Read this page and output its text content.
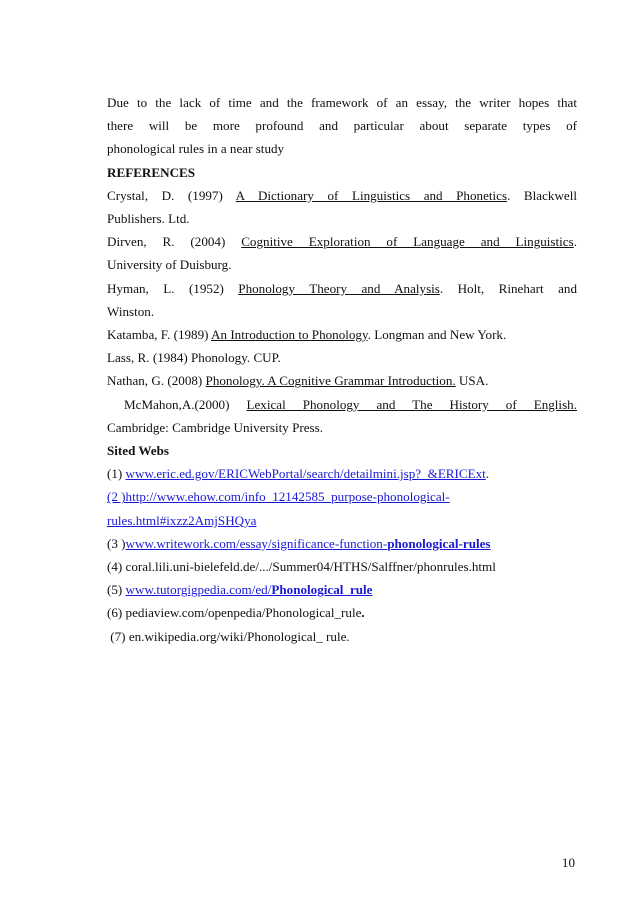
Due to the lack of time and the framework of an essay, the writer hopes that
there will be more profound and particular about separate types of
phonological rules in a near study
REFERENCES
Crystal, D. (1997) A Dictionary of Linguistics and Phonetics. Blackwell
Publishers. Ltd.
Dirven, R. (2004) Cognitive Exploration of Language and Linguistics.
University of Duisburg.
Hyman, L. (1952) Phonology Theory and Analysis. Holt, Rinehart and
Winston.
Katamba, F. (1989) An Introduction to Phonology. Longman and New York.
Lass, R. (1984) Phonology. CUP.
Nathan, G. (2008) Phonology. A Cognitive Grammar Introduction. USA.
McMahon,A.(2000) Lexical Phonology and The History of English.
Cambridge: Cambridge University Press.
Sited Webs
(1) www.eric.ed.gov/ERICWebPortal/search/detailmini.jsp?_&ERICExt.
(2 )http://www.ehow.com/info_12142585_purpose-phonological-
rules.html#ixzz2AmjSHQya
(3 )www.writework.com/essay/significance-function-phonological-rules
(4) coral.lili.uni-bielefeld.de/.../Summer04/HTHS/Salffner/phonrules.html
(5) www.tutorgigpedia.com/ed/Phonological_rule
(6) pediaview.com/openpedia/Phonological_rule.
(7) en.wikipedia.org/wiki/Phonological_ rule.
10
